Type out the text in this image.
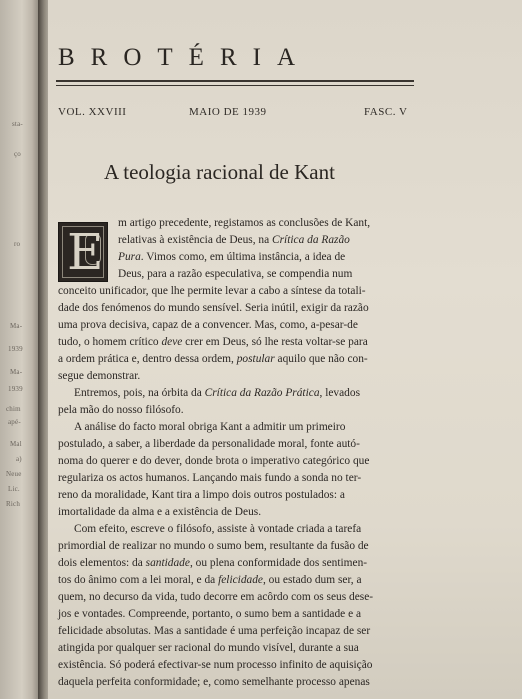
sta-
ço
ro
Ma-
1939
Ma-
1939
chim
apé-
Mal
a)
Neue
Lic.
Rich
BROTÉRIA
VOL. XXVIII	MAIO DE 1939	FASC. V
A teologia racional de Kant
E m artigo precedente, registamos as conclusões de Kant,
relativas à existência de Deus, na Crítica da Razão
Pura. Vimos como, em última instância, a idea de
Deus, para a razão especulativa, se compendia num
conceito unificador, que lhe permite levar a cabo a síntese da totali-
dade dos fenómenos do mundo sensível. Seria inútil, exigir da razão
uma prova decisiva, capaz de a convencer. Mas, como, a-pesar-de
tudo, o homem crítico deve crer em Deus, só lhe resta voltar-se para
a ordem prática e, dentro dessa ordem, postular aquilo que não con-
segue demonstrar.
Entremos, pois, na órbita da Crítica da Razão Prática, levados
pela mão do nosso filósofo.
A análise do facto moral obriga Kant a admitir um primeiro
postulado, a saber, a liberdade da personalidade moral, fonte autó-
noma do querer e do dever, donde brota o imperativo categórico que
regulariza os actos humanos. Lançando mais fundo a sonda no ter-
reno da moralidade, Kant tira a limpo dois outros postulados: a
imortalidade da alma e a existência de Deus.
Com efeito, escreve o filósofo, assiste à vontade criada a tarefa
primordial de realizar no mundo o sumo bem, resultante da fusão de
dois elementos: da santidade, ou plena conformidade dos sentimen-
tos do ânimo com a lei moral, e da felicidade, ou estado dum ser, a
quem, no decurso da vida, tudo decorre em acôrdo com os seus dese-
jos e vontades. Compreende, portanto, o sumo bem a santidade e a
felicidade absolutas. Mas a santidade é uma perfeição incapaz de ser
atingida por qualquer ser racional do mundo visível, durante a sua
existência. Só poderá efectivar-se num processo infinito de aquisição
daquela perfeita conformidade; e, como semelhante processo apenas
